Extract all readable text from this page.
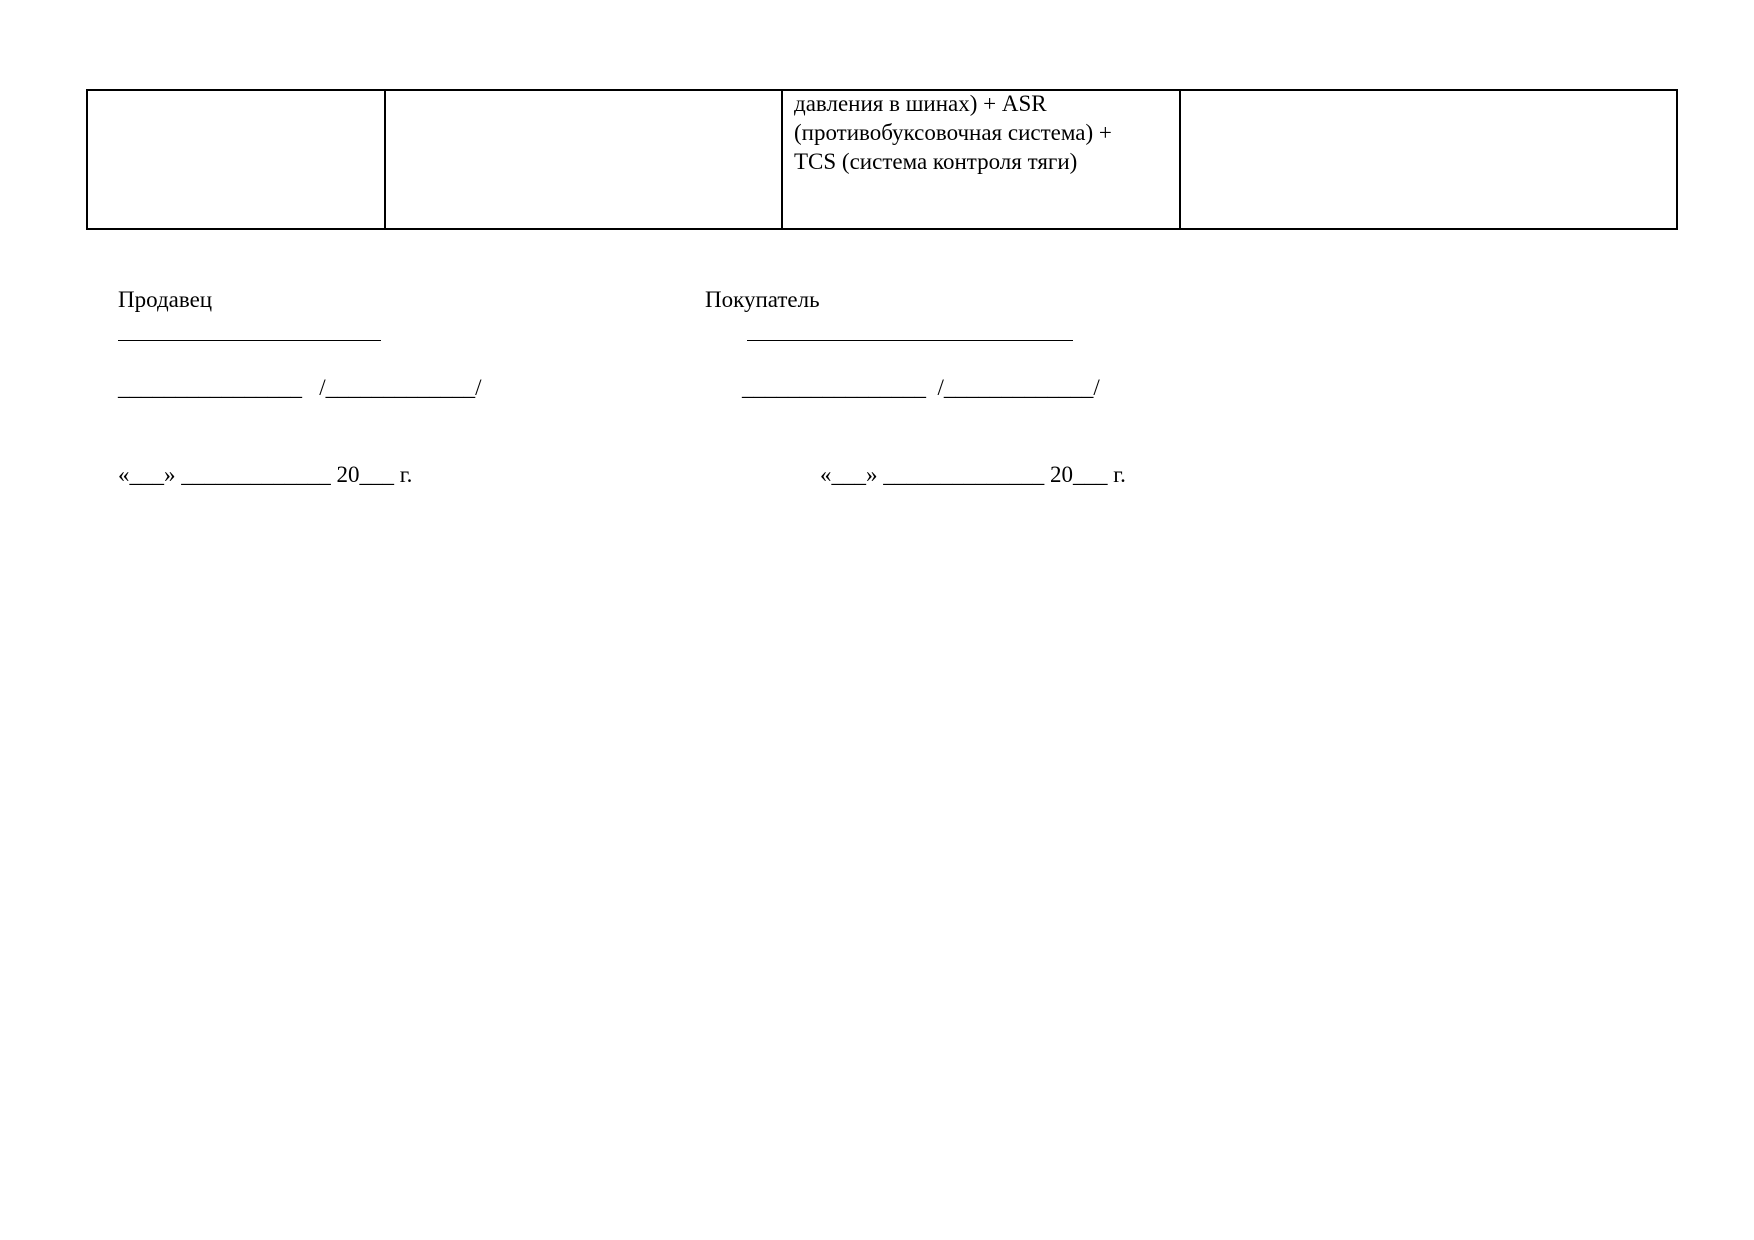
давления в шинах) + ASR
(противобуксовочная система) +
TCS (система контроля тяги)

Продавец
________________   /_____________/
«___» _____________ 20___ г.
Покупатель
________________  /_____________/
«___» ______________ 20___ г.
